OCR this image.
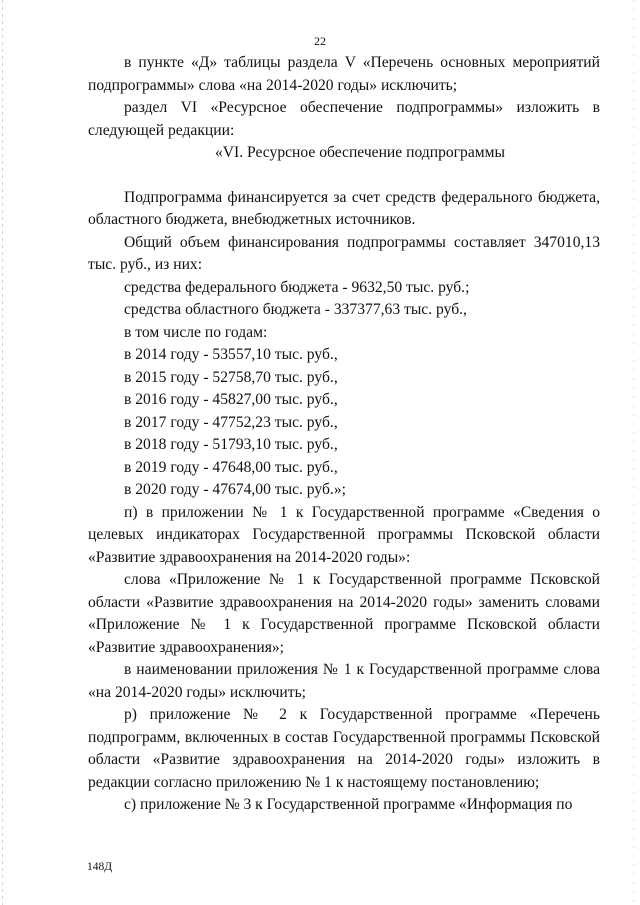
22

в пункте «Д» таблицы раздела V «Перечень основных мероприятий подпрограммы» слова «на 2014-2020 годы» исключить;

раздел VI «Ресурсное обеспечение подпрограммы» изложить в следующей редакции:

«VI. Ресурсное обеспечение подпрограммы

Подпрограмма финансируется за счет средств федерального бюджета, областного бюджета, внебюджетных источников.

Общий объем финансирования подпрограммы составляет 347010,13 тыс. руб., из них:

средства федерального бюджета - 9632,50 тыс. руб.;

средства областного бюджета - 337377,63 тыс. руб.,

в том числе по годам:

в 2014 году - 53557,10 тыс. руб.,

в 2015 году - 52758,70 тыс. руб.,

в 2016 году - 45827,00 тыс. руб.,

в 2017 году - 47752,23 тыс. руб.,

в 2018 году - 51793,10 тыс. руб.,

в 2019 году - 47648,00 тыс. руб.,

в 2020 году - 47674,00 тыс. руб.»;

п) в приложении № 1 к Государственной программе «Сведения о целевых индикаторах Государственной программы Псковской области «Развитие здравоохранения на 2014-2020 годы»:

слова «Приложение № 1 к Государственной программе Псковской области «Развитие здравоохранения на 2014-2020 годы» заменить словами «Приложение № 1 к Государственной программе Псковской области «Развитие здравоохранения»;

в наименовании приложения № 1 к Государственной программе слова «на 2014-2020 годы» исключить;

р) приложение № 2 к Государственной программе «Перечень подпрограмм, включенных в состав Государственной программы Псковской области «Развитие здравоохранения на 2014-2020 годы» изложить в редакции согласно приложению № 1 к настоящему постановлению;

с) приложение № 3 к Государственной программе «Информация по

148Д
